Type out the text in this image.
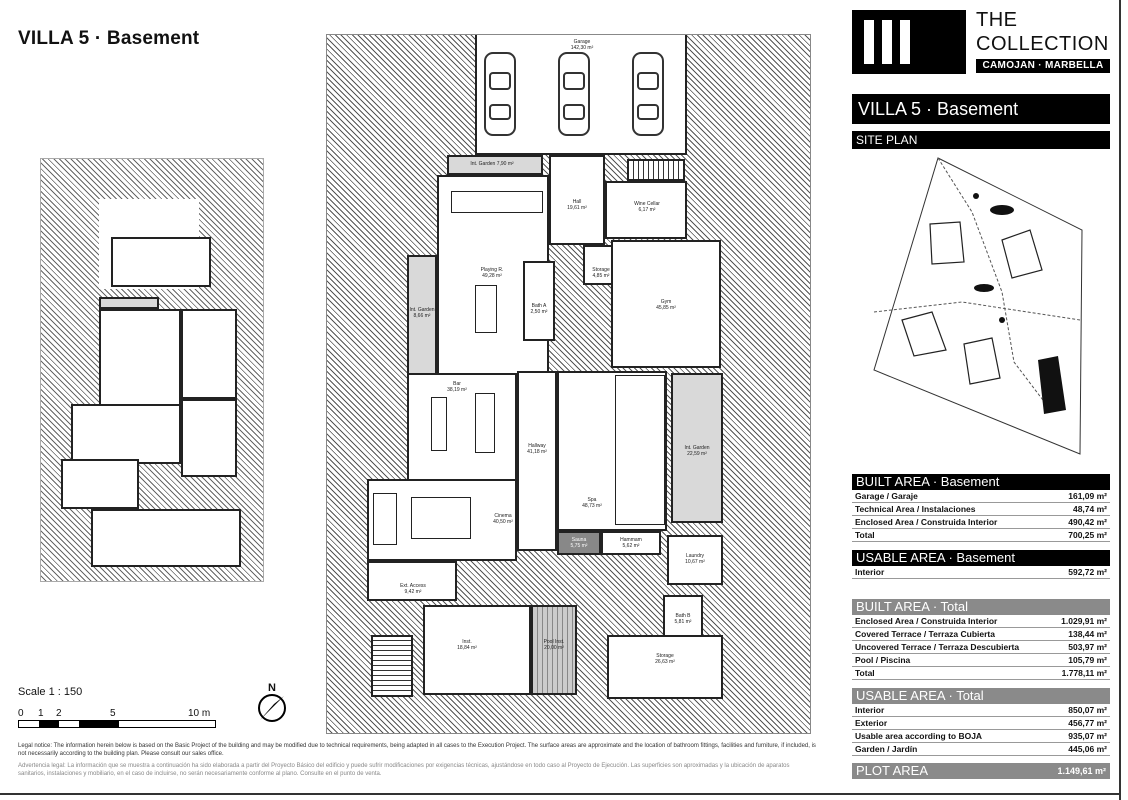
VILLA 5 · Basement	Garage
142,30 m²
Int. Garden 7,90 m²
Playing R.
49,28 m²
Hall
19,61 m²
Wine Cellar
6,17 m²
Storage
4,85 m²
Bath A
2,50 m²
Gym
45,85 m²
Int. Garden
8,66 m²
Bar
38,19 m²
Hallway
41,18 m²
Spa
48,73 m²
Int. Garden
22,59 m²
Cinema
40,50 m²
Sauna
5,75 m²
Hammam
5,62 m²
Laundry
10,67 m²
Ext. Access
9,42 m²
Inst.
18,84 m²
Pool Inst.
20,00 m²
Bath B
5,81 m²
Storage
26,63 m²
Scale 1 : 150
0 1 2	5	10 m
N
Legal notice: The information herein below is based on the Basic Project of the building and may be modified due to technical requirements, being adapted in all cases to the Execution Project. The surface areas are approximate and the location of bathroom fittings, facilities and furniture, if included, is not necessarily according to the building plan. Please consult our sales office.
Advertencia legal: La información que se muestra a continuación ha sido elaborada a partir del Proyecto Básico del edificio y puede sufrir modificaciones por exigencias técnicas, ajustándose en todo caso al Proyecto de Ejecución. Las superficies son aproximadas y la ubicación de aparatos sanitarios, instalaciones y mobiliario, en el caso de incluirse, no serán necesariamente conforme al plano. Consulte en el punto de venta.
THE
COLLECTION
CAMOJAN · MARBELLA
VILLA 5 · Basement
SITE PLAN
BUILT AREA · Basement
Garage / Garaje	161,09 m²
Technical Area / Instalaciones	48,74 m²
Enclosed Area / Construida Interior	490,42 m²
Total	700,25 m²
USABLE AREA · Basement
Interior	592,72 m²
BUILT AREA · Total
Enclosed Area / Construida Interior	1.029,91 m²
Covered Terrace / Terraza Cubierta	138,44 m²
Uncovered Terrace / Terraza Descubierta	503,97 m²
Pool / Piscina	105,79 m²
Total	1.778,11 m²
USABLE AREA · Total
Interior	850,07 m²
Exterior	456,77 m²
Usable area according to BOJA	935,07 m²
Garden / Jardín	445,06 m²
PLOT AREA	1.149,61 m²
